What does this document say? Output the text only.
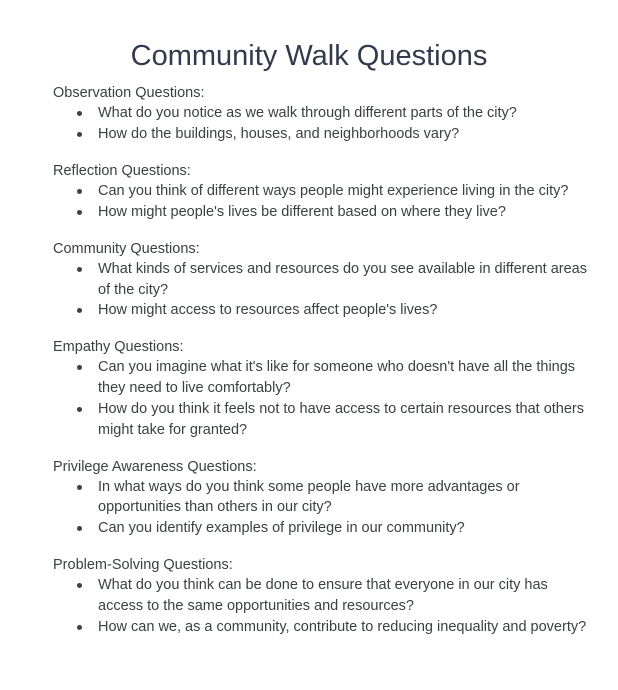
Community Walk Questions

Observation Questions:

What do you notice as we walk through different parts of the city?
How do the buildings, houses, and neighborhoods vary?

Reflection Questions:

Can you think of different ways people might experience living in the city?
How might people's lives be different based on where they live?

Community Questions:

What kinds of services and resources do you see available in different areas of the city?
How might access to resources affect people's lives?

Empathy Questions:

Can you imagine what it's like for someone who doesn't have all the things they need to live comfortably?
How do you think it feels not to have access to certain resources that others might take for granted?

Privilege Awareness Questions:

In what ways do you think some people have more advantages or opportunities than others in our city?
Can you identify examples of privilege in our community?

Problem-Solving Questions:

What do you think can be done to ensure that everyone in our city has access to the same opportunities and resources?
How can we, as a community, contribute to reducing inequality and poverty?
